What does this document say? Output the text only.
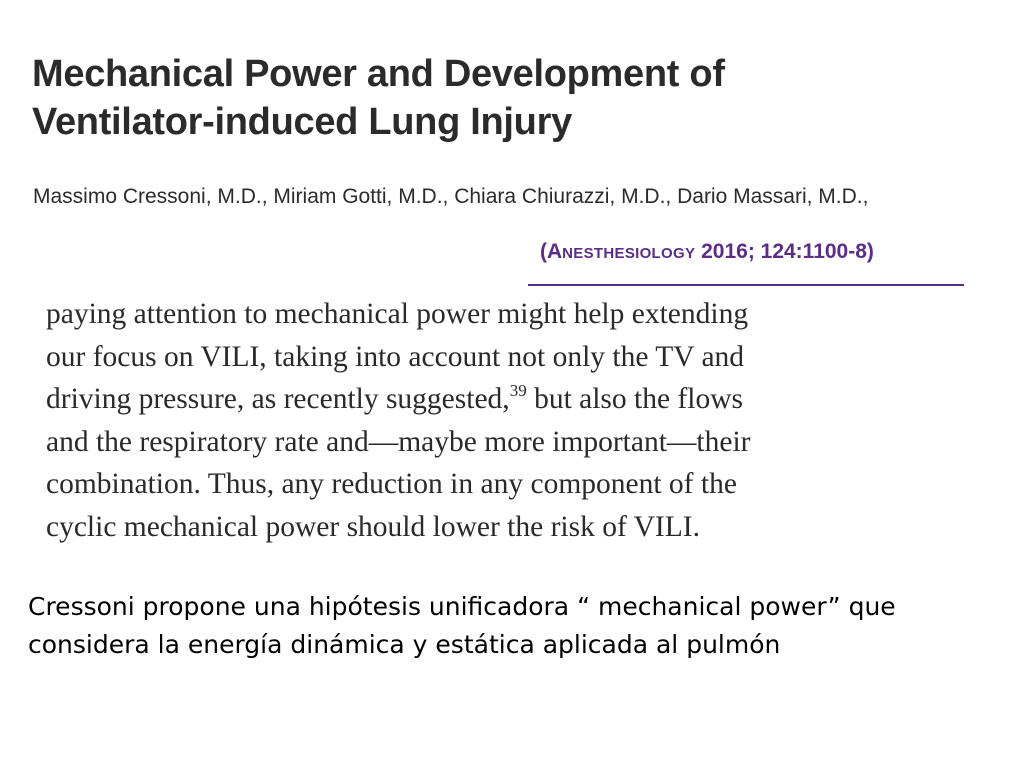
Mechanical Power and Development of
Ventilator-induced Lung Injury
Massimo Cressoni, M.D., Miriam Gotti, M.D., Chiara Chiurazzi, M.D., Dario Massari, M.D.,
(ANESTHESIOLOGY 2016; 124:1100-8)
paying attention to mechanical power might help extending
our focus on VILI, taking into account not only the TV and
driving pressure, as recently suggested,$^{39}$ but also the flows
and the respiratory rate and—maybe more important—their
combination. Thus, any reduction in any component of the
cyclic mechanical power should lower the risk of VILI.
Cressoni propone una hipótesis unificadora “ mechanical power” que
considera la energía dinámica y estática aplicada al pulmón
